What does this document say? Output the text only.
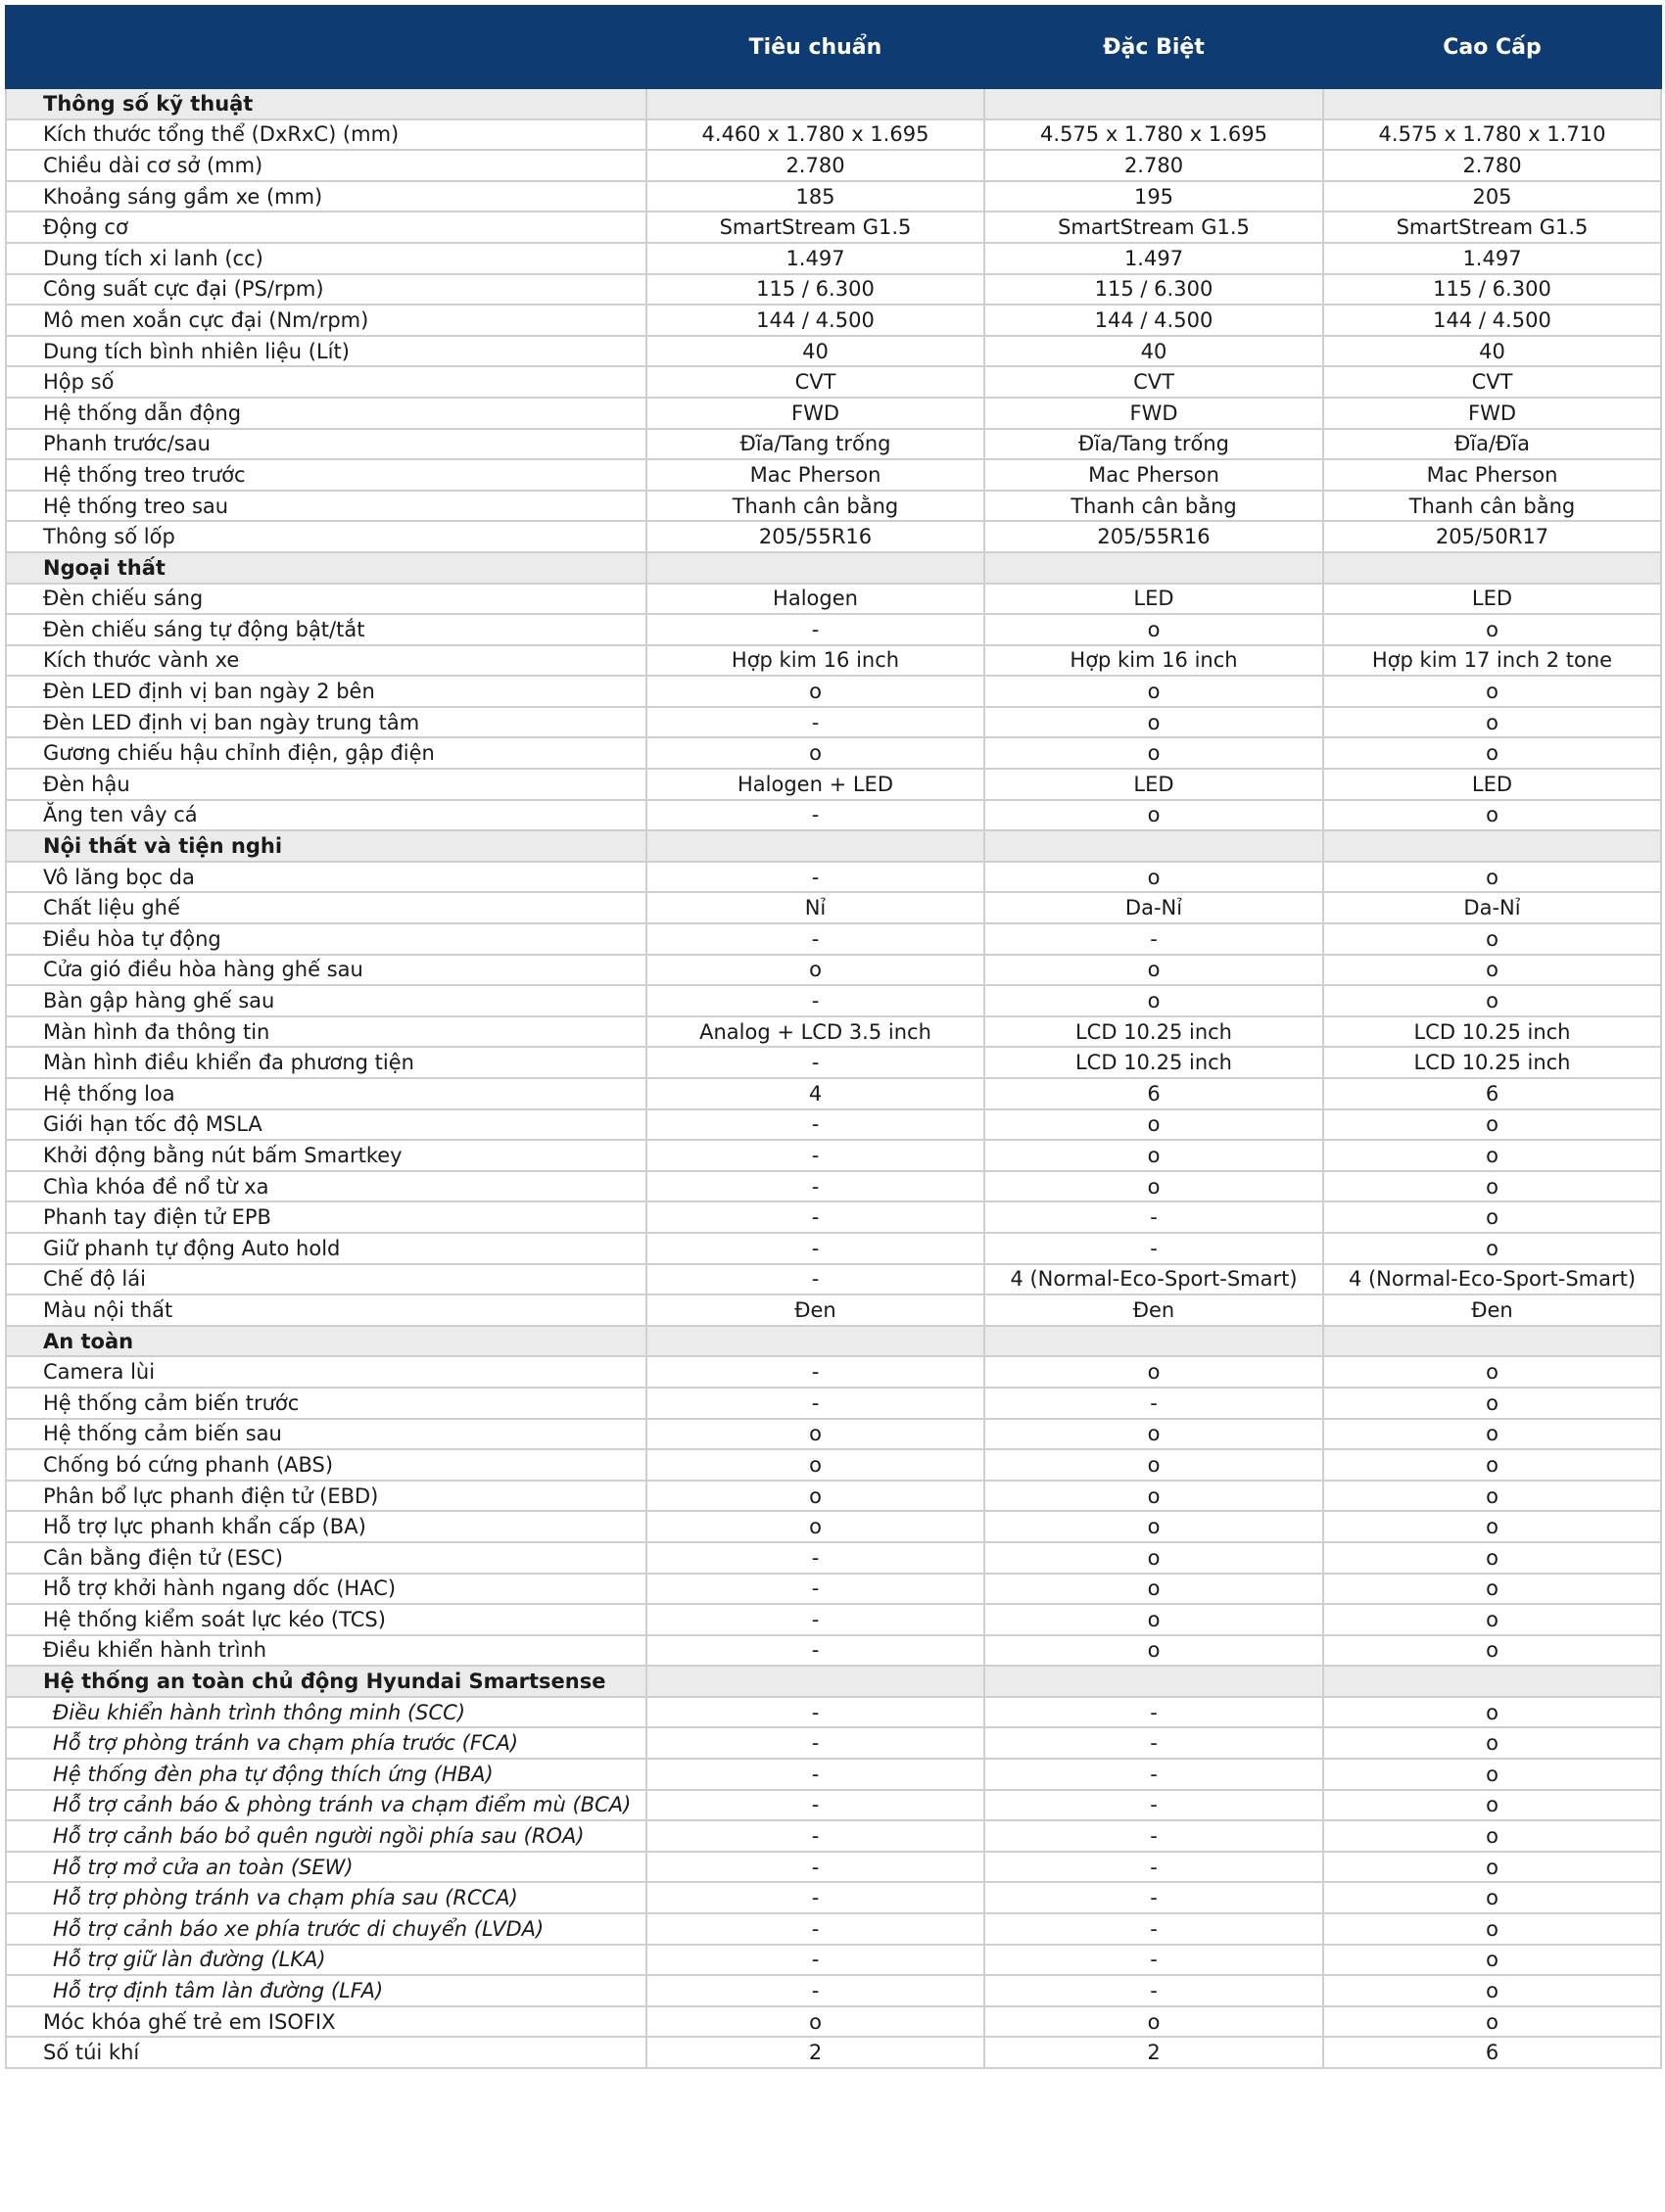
	Tiêu chuẩn	Đặc Biệt	Cao Cấp
Thông số kỹ thuật			
Kích thước tổng thể (DxRxC) (mm)	4.460 x 1.780 x 1.695	4.575 x 1.780 x 1.695	4.575 x 1.780 x 1.710
Chiều dài cơ sở (mm)	2.780	2.780	2.780
Khoảng sáng gầm xe (mm)	185	195	205
Động cơ	SmartStream G1.5	SmartStream G1.5	SmartStream G1.5
Dung tích xi lanh (cc)	1.497	1.497	1.497
Công suất cực đại (PS/rpm)	115 / 6.300	115 / 6.300	115 / 6.300
Mô men xoắn cực đại (Nm/rpm)	144 / 4.500	144 / 4.500	144 / 4.500
Dung tích bình nhiên liệu (Lít)	40	40	40
Hộp số	CVT	CVT	CVT
Hệ thống dẫn động	FWD	FWD	FWD
Phanh trước/sau	Đĩa/Tang trống	Đĩa/Tang trống	Đĩa/Đĩa
Hệ thống treo trước	Mac Pherson	Mac Pherson	Mac Pherson
Hệ thống treo sau	Thanh cân bằng	Thanh cân bằng	Thanh cân bằng
Thông số lốp	205/55R16	205/55R16	205/50R17
Ngoại thất			
Đèn chiếu sáng	Halogen	LED	LED
Đèn chiếu sáng tự động bật/tắt	-	o	o
Kích thước vành xe	Hợp kim 16 inch	Hợp kim 16 inch	Hợp kim 17 inch 2 tone
Đèn LED định vị ban ngày 2 bên	o	o	o
Đèn LED định vị ban ngày trung tâm	-	o	o
Gương chiếu hậu chỉnh điện, gập điện	o	o	o
Đèn hậu	Halogen + LED	LED	LED
Ăng ten vây cá	-	o	o
Nội thất và tiện nghi			
Vô lăng bọc da	-	o	o
Chất liệu ghế	Nỉ	Da-Nỉ	Da-Nỉ
Điều hòa tự động	-	-	o
Cửa gió điều hòa hàng ghế sau	o	o	o
Bàn gập hàng ghế sau	-	o	o
Màn hình đa thông tin	Analog + LCD 3.5 inch	LCD 10.25 inch	LCD 10.25 inch
Màn hình điều khiển đa phương tiện	-	LCD 10.25 inch	LCD 10.25 inch
Hệ thống loa	4	6	6
Giới hạn tốc độ MSLA	-	o	o
Khởi động bằng nút bấm Smartkey	-	o	o
Chìa khóa đề nổ từ xa	-	o	o
Phanh tay điện tử EPB	-	-	o
Giữ phanh tự động Auto hold	-	-	o
Chế độ lái	-	4 (Normal-Eco-Sport-Smart)	4 (Normal-Eco-Sport-Smart)
Màu nội thất	Đen	Đen	Đen
An toàn			
Camera lùi	-	o	o
Hệ thống cảm biến trước	-	-	o
Hệ thống cảm biến sau	o	o	o
Chống bó cứng phanh (ABS)	o	o	o
Phân bổ lực phanh điện tử (EBD)	o	o	o
Hỗ trợ lực phanh khẩn cấp (BA)	o	o	o
Cân bằng điện tử (ESC)	-	o	o
Hỗ trợ khởi hành ngang dốc (HAC)	-	o	o
Hệ thống kiểm soát lực kéo (TCS)	-	o	o
Điều khiển hành trình	-	o	o
Hệ thống an toàn chủ động Hyundai Smartsense			
Điều khiển hành trình thông minh (SCC)	-	-	o
Hỗ trợ phòng tránh va chạm phía trước (FCA)	-	-	o
Hệ thống đèn pha tự động thích ứng (HBA)	-	-	o
Hỗ trợ cảnh báo & phòng tránh va chạm điểm mù (BCA)	-	-	o
Hỗ trợ cảnh báo bỏ quên người ngồi phía sau (ROA)	-	-	o
Hỗ trợ mở cửa an toàn (SEW)	-	-	o
Hỗ trợ phòng tránh va chạm phía sau (RCCA)	-	-	o
Hỗ trợ cảnh báo xe phía trước di chuyển (LVDA)	-	-	o
Hỗ trợ giữ làn đường (LKA)	-	-	o
Hỗ trợ định tâm làn đường (LFA)	-	-	o
Móc khóa ghế trẻ em ISOFIX	o	o	o
Số túi khí	2	2	6
